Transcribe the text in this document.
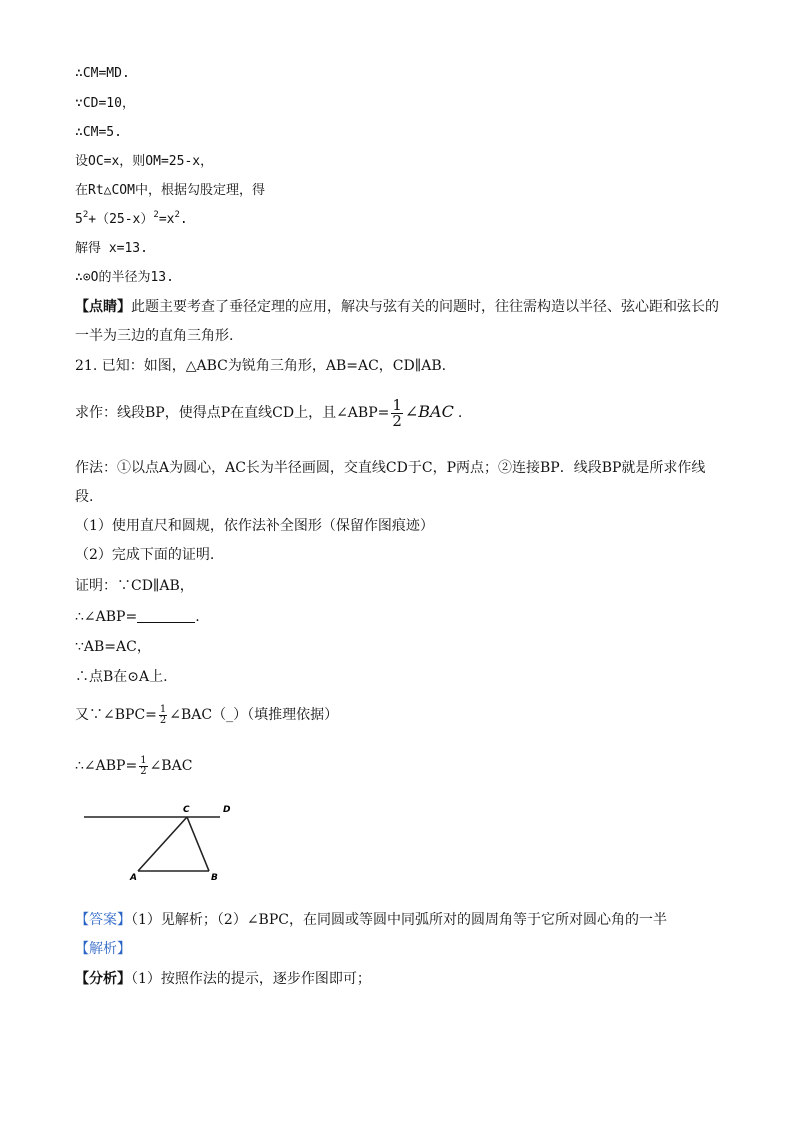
∴CM=MD.
∵CD=10，
∴CM=5.
设OC=x，则OM=25-x，
在Rt△COM中，根据勾股定理，得
$5^2+(25-x)^2=x^2$.
解得 x=13.
∴⊙O的半径为13.
【点睛】此题主要考查了垂径定理的应用，解决与弦有关的问题时，往往需构造以半径、弦心距和弦长的
一半为三边的直角三角形.
21. 已知：如图，△ABC为锐角三角形，AB=AC，CD∥AB.
求作：线段BP，使得点P在直线CD上，且∠ABP= $\frac{1}{2}$ ∠BAC .
作法：①以点A为圆心，AC长为半径画圆，交直线CD于C，P两点；②连接BP．线段BP就是所求作线
段.
（1）使用直尺和圆规，依作法补全图形（保留作图痕迹）
（2）完成下面的证明.
证明：∵CD∥AB，
∴∠ABP=	.
∵AB=AC，
∴点B在⊙A上.
又∵∠BPC= $\frac{1}{2}$ ∠BAC（_）（填推理依据）
∴∠ABP= $\frac{1}{2}$ ∠BAC
C	D
A	B
【答案】（1）见解析；（2）∠BPC，在同圆或等圆中同弧所对的圆周角等于它所对圆心角的一半
【解析】
【分析】（1）按照作法的提示，逐步作图即可；
